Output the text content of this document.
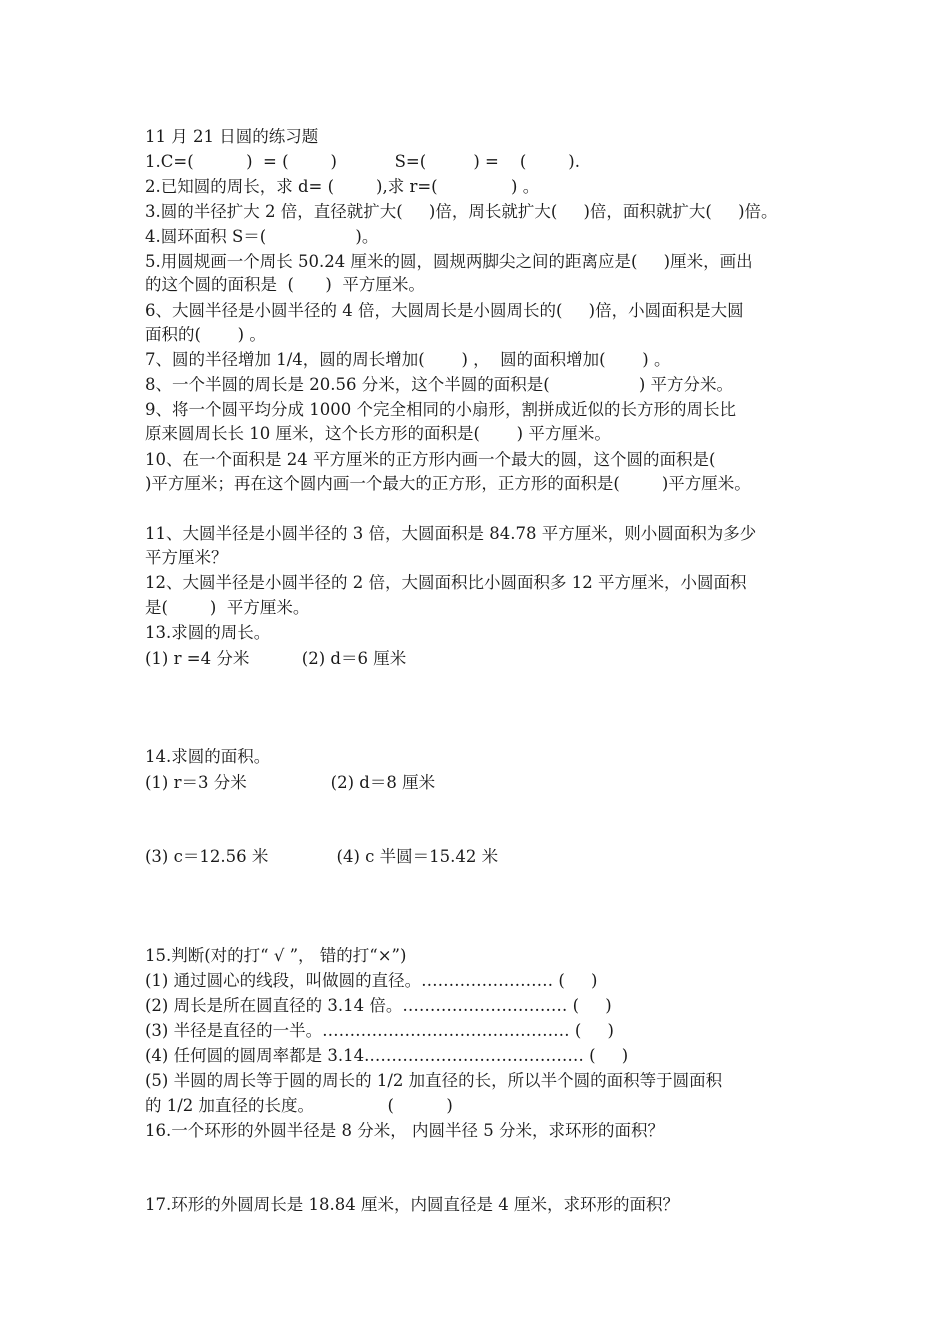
11 月 21 日圆的练习题
1.C=(          )  = (        )           S=(         ) =    (        ).
2.已知圆的周长，求 d= (        ),求 r=(              ) 。
3.圆的半径扩大 2 倍，直径就扩大(     )倍，周长就扩大(     )倍，面积就扩大(     )倍。
4.圆环面积 S＝(                 )。
5.用圆规画一个周长 50.24 厘米的圆，圆规两脚尖之间的距离应是(     )厘米，画出
的这个圆的面积是  (      )  平方厘米。
6、大圆半径是小圆半径的 4 倍，大圆周长是小圆周长的(     )倍，小圆面积是大圆
面积的(       ) 。
7、圆的半径增加 1/4，圆的周长增加(       ) ，  圆的面积增加(       ) 。
8、一个半圆的周长是 20.56 分米，这个半圆的面积是(                 ) 平方分米。
9、将一个圆平均分成 1000 个完全相同的小扇形，割拼成近似的长方形的周长比
原来圆周长长 10 厘米，这个长方形的面积是(       ) 平方厘米。
10、在一个面积是 24 平方厘米的正方形内画一个最大的圆，这个圆的面积是(
)平方厘米；再在这个圆内画一个最大的正方形，正方形的面积是(        )平方厘米。
11、大圆半径是小圆半径的 3 倍，大圆面积是 84.78 平方厘米，则小圆面积为多少
平方厘米？
12、大圆半径是小圆半径的 2 倍，大圆面积比小圆面积多 12 平方厘米，小圆面积
是(        )  平方厘米。
13.求圆的周长。
(1) r =4 分米          (2) d＝6 厘米
14.求圆的面积。
(1) r＝3 分米                (2) d＝8 厘米
(3) c＝12.56 米             (4) c 半圆＝15.42 米
15.判断(对的打“ √ ”， 错的打“×”)
(1) 通过圆心的线段，叫做圆的直径。…………………… (     )
(2) 周长是所在圆直径的 3.14 倍。………………………… (     )
(3) 半径是直径的一半。……………………………………… (     )
(4) 任何圆的圆周率都是 3.14.………………………………… (     )
(5) 半圆的周长等于圆的周长的 1/2 加直径的长，所以半个圆的面积等于圆面积
的 1/2 加直径的长度。              (          )
16.一个环形的外圆半径是 8 分米， 内圆半径 5 分米，求环形的面积？
17.环形的外圆周长是 18.84 厘米，内圆直径是 4 厘米，求环形的面积？
